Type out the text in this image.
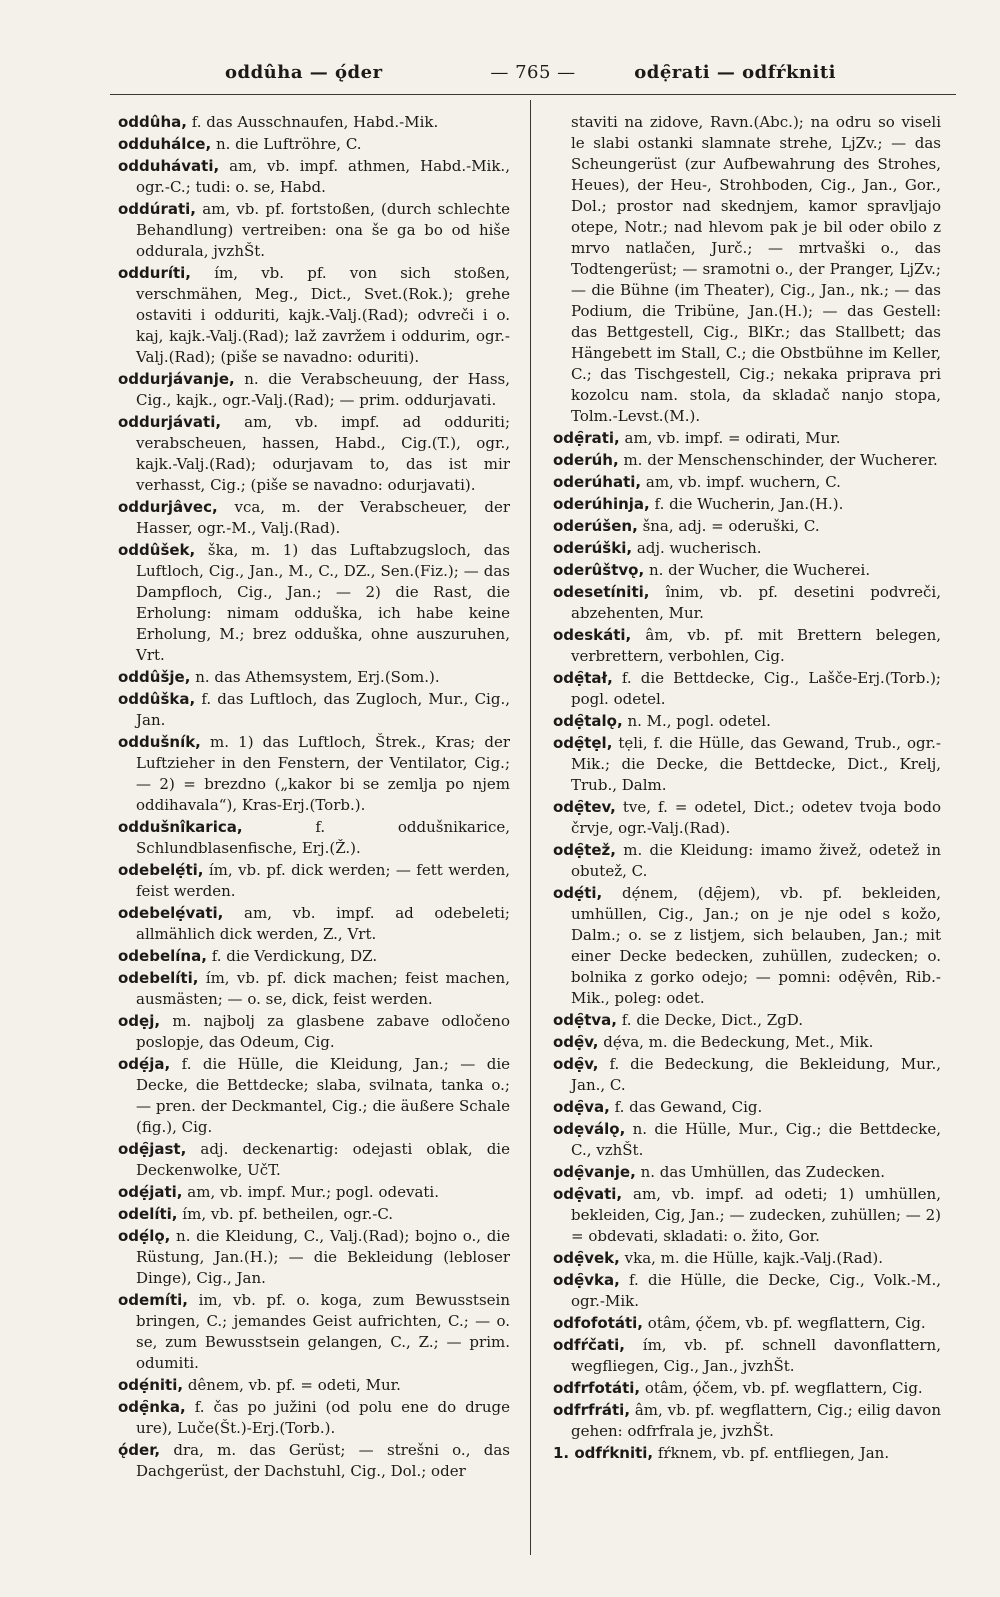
oddûha — ǫ́der	— 765 —	odẹ̑rati — odfŕkniti

oddûha, f. das Ausschnaufen, Habd.-Mik.

odduhálce, n. die Luftröhre, C.

odduhávati, am, vb. impf. athmen, Habd.-Mik., ogr.-C.; tudi: o. se, Habd.

oddúrati, am, vb. pf. fortstoßen, (durch schlechte Behandlung) vertreiben: ona še ga bo od hiše oddurala, jvzhŠt.

odduríti, ím, vb. pf. von sich stoßen, verschmähen, Meg., Dict., Svet.(Rok.); grehe ostaviti i odduriti, kajk.-Valj.(Rad); odvreči i o. kaj, kajk.-Valj.(Rad); laž zavržem i oddurim, ogr.-Valj.(Rad); (piše se navadno: oduriti).

oddurjávanje, n. die Verabscheuung, der Hass, Cig., kajk., ogr.-Valj.(Rad); — prim. oddurjavati.

oddurjávati, am, vb. impf. ad odduriti; verabscheuen, hassen, Habd., Cig.(T.), ogr., kajk.-Valj.(Rad); odurjavam to, das ist mir verhasst, Cig.; (piše se navadno: odurjavati).

oddurjâvec, vca, m. der Verabscheuer, der Hasser, ogr.-M., Valj.(Rad).

oddûšek, ška, m. 1) das Luftabzugsloch, das Luftloch, Cig., Jan., M., C., DZ., Sen.(Fiz.); — das Dampfloch, Cig., Jan.; — 2) die Rast, die Erholung: nimam odduška, ich habe keine Erholung, M.; brez odduška, ohne auszuruhen, Vrt.

oddûšje, n. das Athemsystem, Erj.(Som.).

oddûška, f. das Luftloch, das Zugloch, Mur., Cig., Jan.

oddušník, m. 1) das Luftloch, Štrek., Kras; der Luftzieher in den Fenstern, der Ventilator, Cig.; — 2) = brezdno („kakor bi se zemlja po njem oddihavala“), Kras-Erj.(Torb.).

oddušnîkarica,	f. oddušnikarice, Schlundblasenfische, Erj.(Ž.).

odebelẹ́ti, ím, vb. pf. dick werden; — fett werden, feist werden.

odebelẹ́vati, am, vb. impf. ad odebeleti; allmählich dick werden, Z., Vrt.

odebelína, f. die Verdickung, DZ.

odebelíti, ím, vb. pf. dick machen; feist machen, ausmästen; — o. se, dick, feist werden.

odẹj, m. najbolj za glasbene zabave odločeno poslopje, das Odeum, Cig.

odẹ́ja, f. die Hülle, die Kleidung, Jan.; — die Decke, die Bettdecke; slaba, svilnata, tanka o.; — pren. der Deckmantel, Cig.; die äußere Schale (fig.), Cig.

odẹ̑jast, adj. deckenartig: odejasti oblak, die Deckenwolke, UčT.

odẹ́jati, am, vb. impf. Mur.; pogl. odevati.

odelíti, ím, vb. pf. betheilen, ogr.-C.

odẹ́lǫ, n. die Kleidung, C., Valj.(Rad); bojno o., die Rüstung, Jan.(H.); — die Bekleidung (lebloser Dinge), Cig., Jan.

odemíti, im, vb. pf. o. koga, zum Bewusstsein bringen, C.; jemandes Geist aufrichten, C.; — o. se, zum Bewusstsein gelangen, C., Z.; — prim. odumiti.

odẹ́niti, dênem, vb. pf. = odeti, Mur.

odẹ̑nka, f. čas po južini (od polu ene do druge ure), Luče(Št.)-Erj.(Torb.).

ǫ́der, dra, m. das Gerüst; — strešni o., das Dachgerüst, der Dachstuhl, Cig., Dol.; oder

staviti na zidove, Ravn.(Abc.); na odru so viseli le slabi ostanki slamnate strehe, LjZv.; — das Scheungerüst (zur Aufbewahrung des Strohes, Heues), der Heu-, Strohboden, Cig., Jan., Gor., Dol.; prostor nad skednjem, kamor spravljajo otepe, Notr.; nad hlevom pak je bil oder obilo z mrvo natlačen, Jurč.; — mrtvaški o., das Todtengerüst; — sramotni o., der Pranger, LjZv.; — die Bühne (im Theater), Cig., Jan., nk.; — das Podium, die Tribüne, Jan.(H.); — das Gestell: das Bettgestell, Cig., BlKr.; das Stallbett; das Hängebett im Stall, C.; die Obstbühne im Keller, C.; das Tischgestell, Cig.; nekaka priprava pri kozolcu nam. stola, da skladač nanjo stopa, Tolm.-Levst.(M.).

odẹ̑rati, am, vb. impf. = odirati, Mur.

oderúh, m. der Menschenschinder, der Wucherer.

oderúhati, am, vb. impf. wuchern, C.

oderúhinja, f. die Wucherin, Jan.(H.).

oderúšen, šna, adj. = oderuški, C.

oderúški, adj. wucherisch.

oderûštvǫ, n. der Wucher, die Wucherei.

odesetíniti, înim, vb. pf. desetini podvreči, abzehenten, Mur.

odeskáti, âm, vb. pf. mit Brettern belegen, verbrettern, verbohlen, Cig.

odẹ̑tał, f. die Bettdecke, Cig., Lašče-Erj.(Torb.); pogl. odetel.

odẹ̑talǫ, n. M., pogl. odetel.

odẹ̑tẹl, tẹli, f. die Hülle, das Gewand, Trub., ogr.-Mik.; die Decke, die Bettdecke, Dict., Krelj, Trub., Dalm.

odẹ̑tev, tve, f. = odetel, Dict.; odetev tvoja bodo črvje, ogr.-Valj.(Rad).

odẹ̑tež, m. die Kleidung: imamo živež, odetež in obutež, C.

odẹ́ti, dẹ́nem, (dẹ̑jem), vb. pf. bekleiden, umhüllen, Cig., Jan.; on je nje odel s kožo, Dalm.; o. se z listjem, sich belauben, Jan.; mit einer Decke bedecken, zuhüllen, zudecken; o. bolnika z gorko odejo; — pomni: odẹ̑vên, Rib.-Mik., poleg: odet.

odẹ̑tva, f. die Decke, Dict., ZgD.

odẹ̑v, dẹ́va, m. die Bedeckung, Met., Mik.

odẹ̑v, f. die Bedeckung, die Bekleidung, Mur., Jan., C.

odẹ̑va, f. das Gewand, Cig.

odẹválǫ, n. die Hülle, Mur., Cig.; die Bettdecke, C., vzhŠt.

odẹ̑vanje, n. das Umhüllen, das Zudecken.

odẹ̑vati, am, vb. impf. ad odeti; 1) umhüllen, bekleiden, Cig, Jan.; — zudecken, zuhüllen; — 2) = obdevati, skladati: o. žito, Gor.

odẹ̑vek, vka, m. die Hülle, kajk.-Valj.(Rad).

odẹ̑vka, f. die Hülle, die Decke, Cig., Volk.-M., ogr.-Mik.

odfofotáti, otâm, ǫ́čem, vb. pf. wegflattern, Cig.

odfŕčati, ím, vb. pf. schnell davonflattern, wegfliegen, Cig., Jan., jvzhŠt.

odfrfotáti, otâm, ǫ́čem, vb. pf. wegflattern, Cig.

odfrfráti, âm, vb. pf. wegflattern, Cig.; eilig davon gehen: odfrfrala je, jvzhŠt.

1. odfŕkniti, fŕknem, vb. pf. entfliegen, Jan.
